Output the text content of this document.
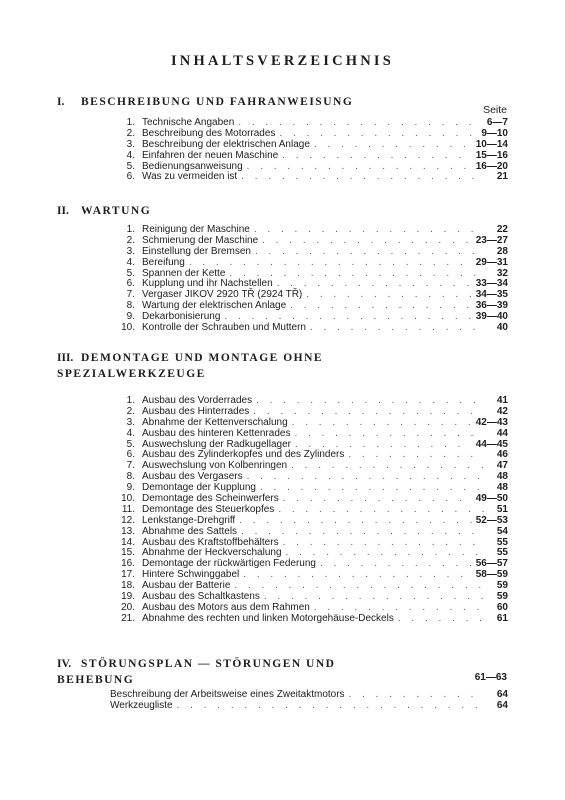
INHALTSVERZEICHNIS
I. BESCHREIBUNG UND FAHRANWEISUNG
Seite
1. Technische Angaben . . .	6—7
2. Beschreibung des Motorrades . . .	9—10
3. Beschreibung der elektrischen Anlage . . .	10—14
4. Einfahren der neuen Maschine . . .	15—16
5. Bedienungsanweisung . . .	16—20
6. Was zu vermeiden ist . . .	21
II. WARTUNG
1. Reinigung der Maschine . . .	22
2. Schmierung der Maschine . . .	23—27
3. Einstellung der Bremsen . . .	28
4. Bereifung . . .	29—31
5. Spannen der Kette . . .	32
6. Kupplung und ihr Nachstellen . . .	33—34
7. Vergaser JIKOV 2920 TŘ (2924 TŘ) . . .	34—35
8. Wartung der elektrischen Anlage . . .	36—39
9. Dekarbonisierung . . .	39—40
10. Kontrolle der Schrauben und Muttern . . .	40
III. DEMONTAGE UND MONTAGE OHNE
SPEZIALWERKZEUGE
1. Ausbau des Vorderrades . . .	41
2. Ausbau des Hinterrades . . .	42
3. Abnahme der Kettenverschalung . . .	42—43
4. Ausbau des hinteren Kettenrades . . .	44
5. Auswechslung der Radkugellager . . .	44—45
6. Ausbau des Zylinderkopfes und des Zylinders . . .	46
7. Auswechslung von Kolbenringen . . .	47
8. Ausbau des Vergasers . . .	48
9. Demontage der Kupplung . . .	48
10. Demontage des Scheinwerfers . . .	49—50
11. Demontage des Steuerkopfes . . .	51
12. Lenkstange-Drehgriff . . .	52—53
13. Abnahme des Sattels . . .	54
14. Ausbau des Kraftstoffbehälters . . .	55
15. Abnahme der Heckverschalung . . .	55
16. Demontage der rückwärtigen Federung . . .	56—57
17. Hintere Schwinggabel . . .	58—59
18. Ausbau der Batterie . . .	59
19. Ausbau des Schaltkastens . . .	59
20. Ausbau des Motors aus dem Rahmen . . .	60
21. Abnahme des rechten und linken Motorgehäuse-Deckels . . .	61
IV. STÖRUNGSPLAN — STÖRUNGEN UND
BEHEBUNG	61—63
Beschreibung der Arbeitsweise eines Zweitaktmotors . . .	64
Werkzeugliste . . .	64
